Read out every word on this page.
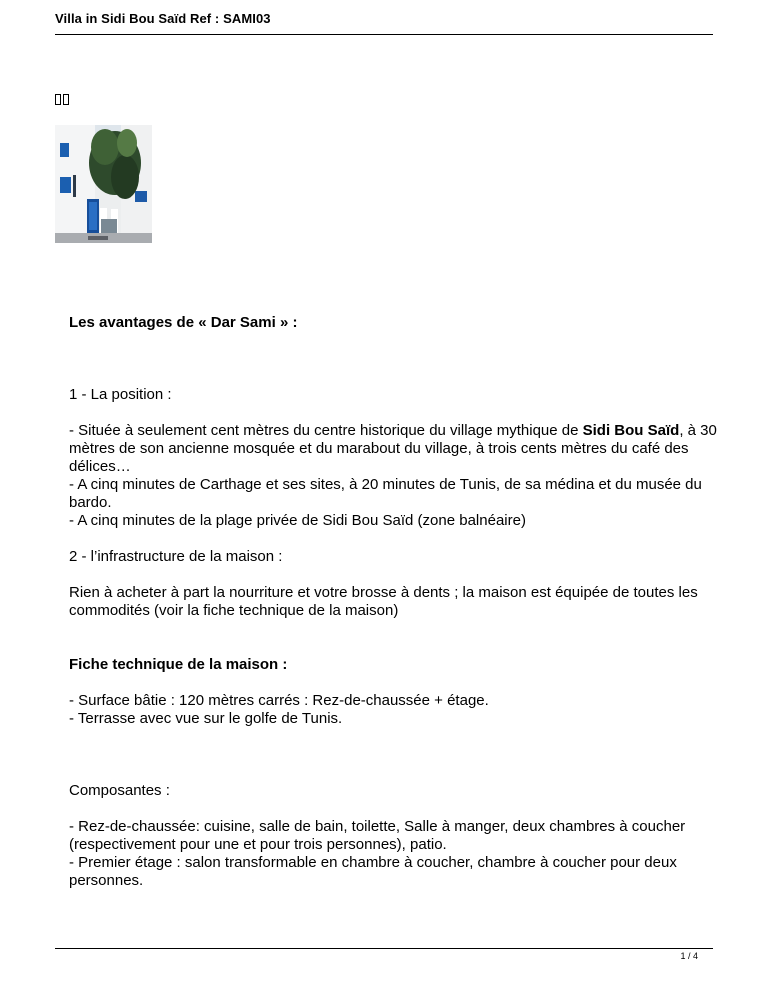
Villa in Sidi Bou Saïd Ref : SAMI03

Les avantages de « Dar Sami » :

1 - La position :

- Située à seulement cent mètres du centre historique du village mythique de Sidi Bou Saïd, à 30 mètres de son ancienne mosquée et du marabout du village, à trois cents mètres du café des délices…

- A cinq minutes de Carthage et ses sites, à 20 minutes de Tunis, de sa médina et du musée du bardo.

- A cinq minutes de la plage privée de Sidi Bou Saïd (zone balnéaire)

2 - l’infrastructure de la maison :

Rien à acheter à part la nourriture et votre brosse à dents ; la maison est équipée de toutes les commodités (voir la fiche technique de la maison)

Fiche technique de la maison :

- Surface bâtie : 120 mètres carrés : Rez-de-chaussée + étage.

- Terrasse avec vue sur le golfe de Tunis.

Composantes :

- Rez-de-chaussée: cuisine, salle de bain, toilette, Salle à manger, deux chambres à coucher (respectivement pour une et pour trois personnes), patio.

- Premier étage : salon transformable en chambre à coucher, chambre à coucher pour deux personnes.

1 / 4
